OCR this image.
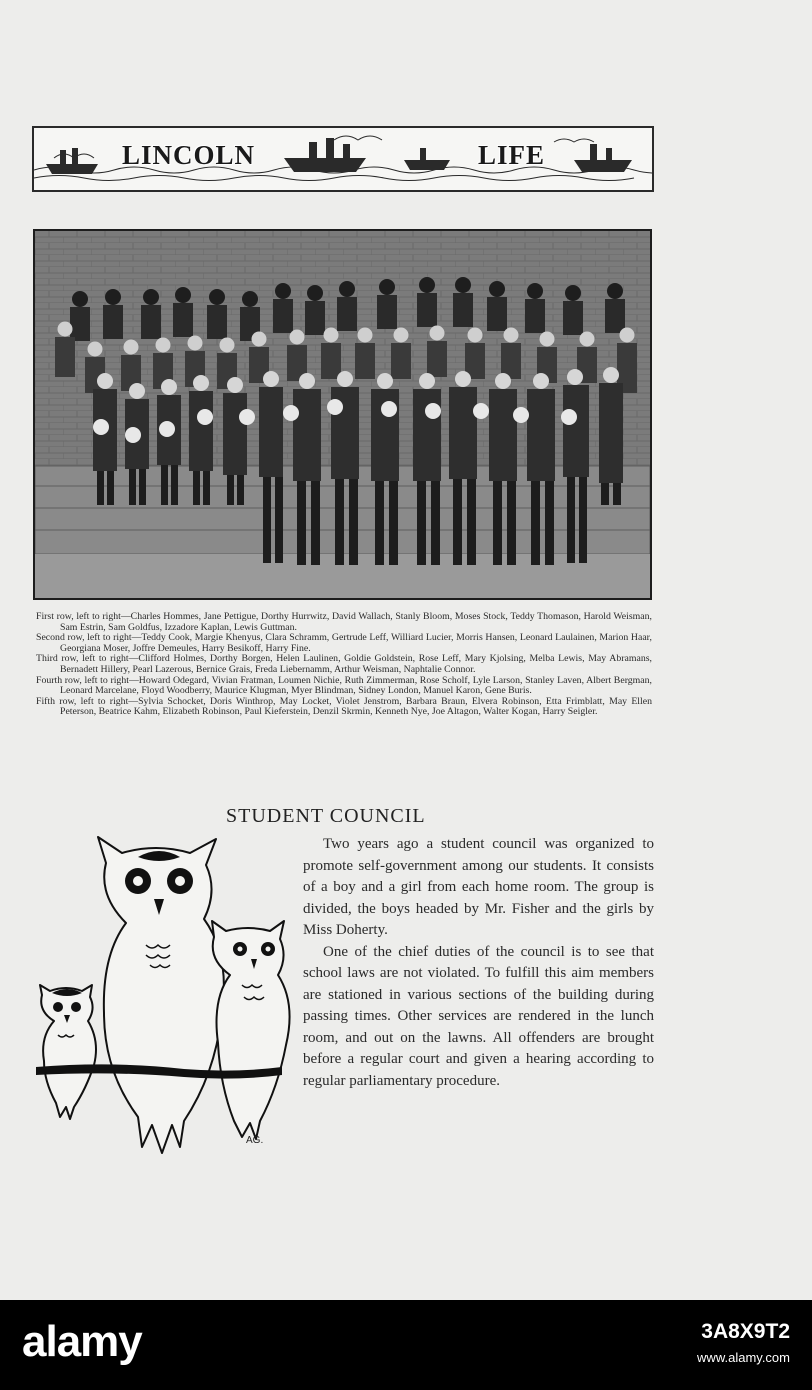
LINCOLN	LIFE

First row, left to right—Charles Hommes, Jane Pettigue, Dorthy Hurrwitz, David Wallach, Stanly Bloom, Moses Stock, Teddy Thomason, Harold Weisman, Sam Estrin, Sam Goldfus, Izzadore Kaplan, Lewis Guttman.

Second row, left to right—Teddy Cook, Margie Khenyus, Clara Schramm, Gertrude Leff, Williard Lucier, Morris Hansen, Leonard Laulainen, Marion Haar, Georgiana Moser, Joffre Demeules, Harry Besikoff, Harry Fine.

Third row, left to right—Clifford Holmes, Dorthy Borgen, Helen Laulinen, Goldie Goldstein, Rose Leff, Mary Kjolsing, Melba Lewis, May Abramans, Bernadett Hillery, Pearl Lazerous, Bernice Grais, Freda Liebernamm, Arthur Weisman, Naphtalie Connor.

Fourth row, left to right—Howard Odegard, Vivian Fratman, Loumen Nichie, Ruth Zimmerman, Rose Scholf, Lyle Larson, Stanley Laven, Albert Bergman, Leonard Marcelane, Floyd Woodberry, Maurice Klugman, Myer Blindman, Sidney London, Manuel Karon, Gene Buris.

Fifth row, left to right—Sylvia Schocket, Doris Winthrop, May Locket, Violet Jenstrom, Barbara Braun, Elvera Robinson, Etta Frimblatt, May Ellen Peterson, Beatrice Kahm, Elizabeth Robinson, Paul Kieferstein, Denzil Skrmin, Kenneth Nye, Joe Altagon, Walter Kogan, Harry Seigler.

STUDENT COUNCIL

Two years ago a student council was organized to promote self-government among our students. It consists of a boy and a girl from each home room. The group is divided, the boys headed by Mr. Fisher and the girls by Miss Doherty.

One of the chief duties of the council is to see that school laws are not violated. To fulfill this aim members are stationed in various sections of the building during passing times. Other services are rendered in the lunch room, and out on the lawns. All offenders are brought before a regular court and given a hearing according to regular parliamentary procedure.

AG.
alamy	3A8X9T2
www.alamy.com
